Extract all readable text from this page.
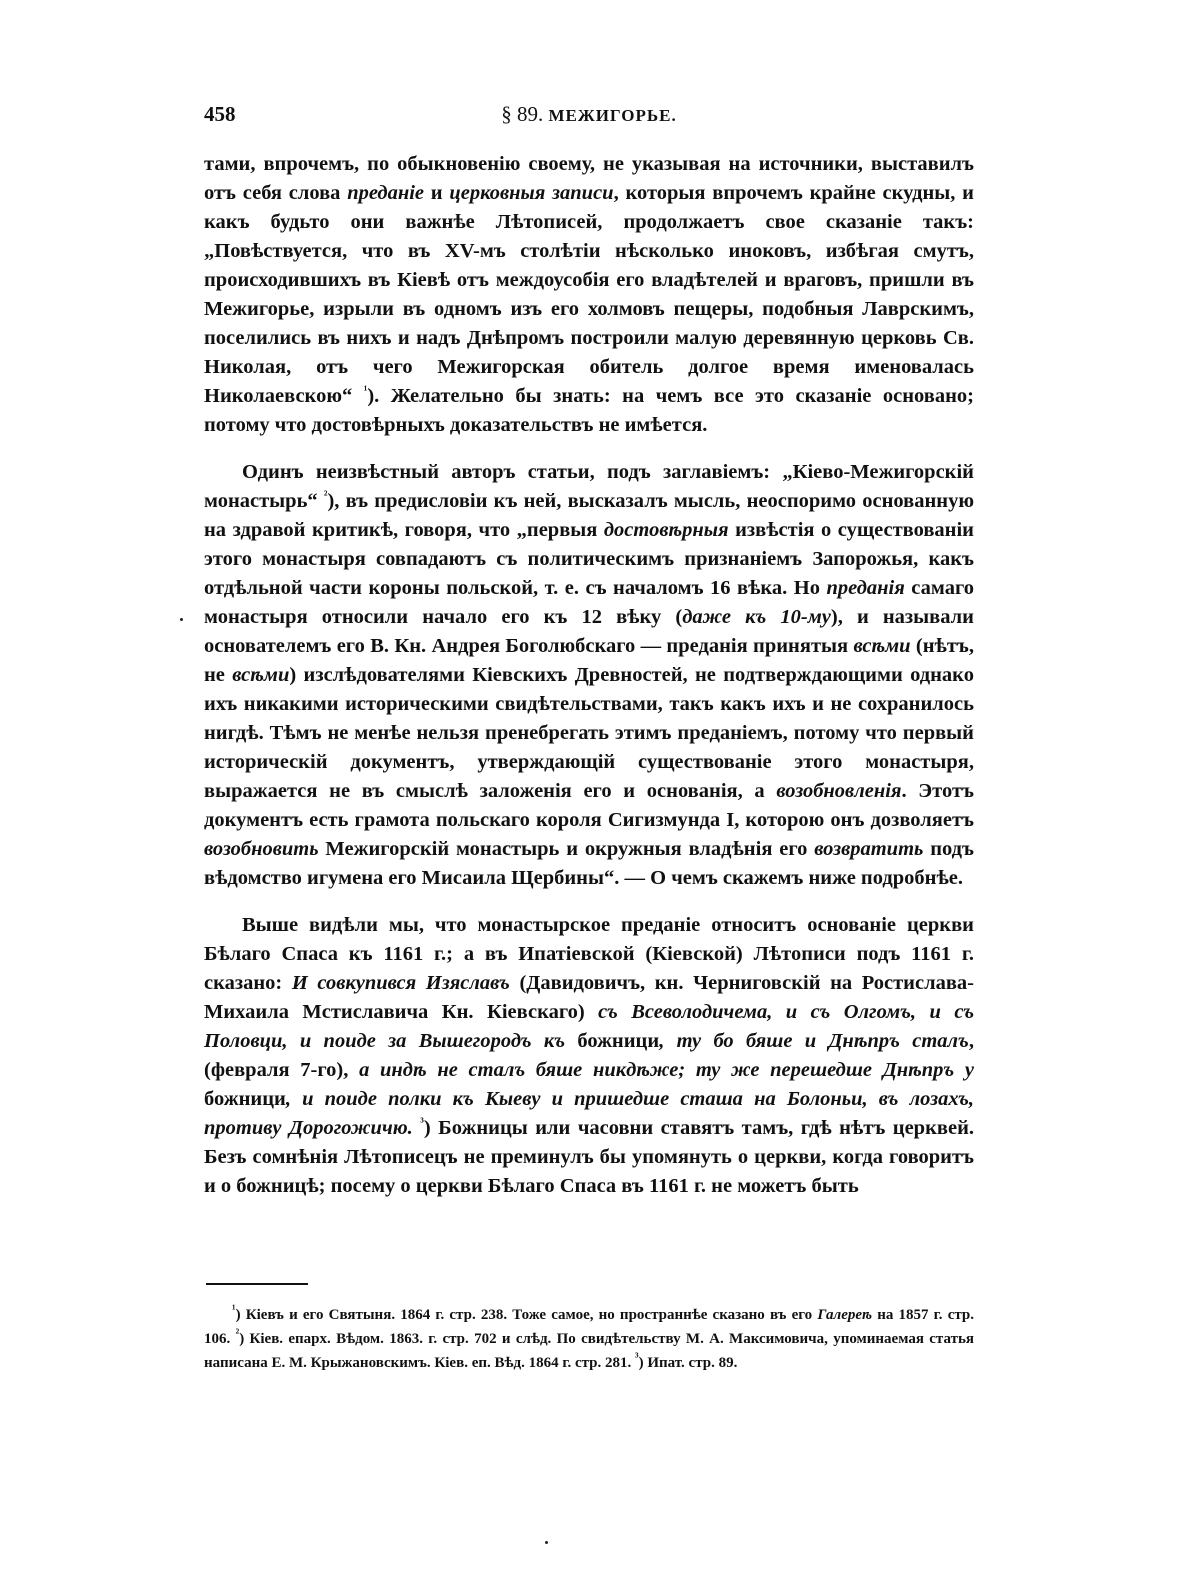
458	§ 89. МЕЖИГОРЬЕ.

тами, впрочемъ, по обыкновенію своему, не указывая на источники, выставилъ отъ себя слова преданіе и церковныя записи, которыя впрочемъ крайне скудны, и какъ будьто они важнѣе Лѣтописей, продолжаетъ свое сказаніе такъ: „Повѣствуется, что въ XV-мъ столѣтіи нѣсколько иноковъ, избѣгая смутъ, происходившихъ въ Кіевѣ отъ междоусобія его владѣтелей и враговъ, пришли въ Межигорье, изрыли въ одномъ изъ его холмовъ пещеры, подобныя Лаврскимъ, поселились въ нихъ и надъ Днѣпромъ построили малую деревянную церковь Св. Николая, отъ чего Межигорская обитель долгое время именовалась Николаевскою“ $^{^1}$). Желательно бы знать: на чемъ все это сказаніе основано; потому что достовѣрныхъ доказательствъ не имѣется.

Одинъ неизвѣстный авторъ статьи, подъ заглавіемъ: „Кіево-Межигорскій монастырь“ $^{^2}$), въ предисловіи къ ней, высказалъ мысль, неоспоримо основанную на здравой критикѣ, говоря, что „первыя достовѣрныя извѣстія о существованіи этого монастыря совпадаютъ съ политическимъ признаніемъ Запорожья, какъ отдѣльной части короны польской, т. е. съ началомъ 16 вѣка. Но преданія самаго монастыря относили начало его къ 12 вѣку (даже къ 10-му), и называли основателемъ его В. Кн. Андрея Боголюбскаго — преданія принятыя всѣми (нѣтъ, не всѣми) изслѣдователями Кіевскихъ Древностей, не подтверждающими однако ихъ никакими историческими свидѣтельствами, такъ какъ ихъ и не сохранилось нигдѣ. Тѣмъ не менѣе нельзя пренебрегать этимъ преданіемъ, потому что первый историческій документъ, утверждающій существованіе этого монастыря, выражается не въ смыслѣ заложенія его и основанія, а возобновленія. Этотъ документъ есть грамота польскаго короля Сигизмунда I, которою онъ дозволяетъ возобновить Межигорскій монастырь и окружныя владѣнія его возвратить подъ вѣдомство игумена его Мисаила Щербины“. — О чемъ скажемъ ниже подробнѣе.

Выше видѣли мы, что монастырское преданіе относитъ основаніе церкви Бѣлаго Спаса къ 1161 г.; а въ Ипатіевской (Кіевской) Лѣтописи подъ 1161 г. сказано: И совкупився Изяславъ (Давидовичъ, кн. Черниговскій на Ростислава-Михаила Мстиславича Кн. Кіевскаго) съ Всеволодичема, и съ Олгомъ, и съ Половци, и поиде за Вышегородъ къ божници, ту бо бяше и Днѣпръ сталъ, (февраля 7-го), а индѣ не сталъ бяше никдѣже; ту же перешедше Днѣпръ у божници, и поиде полки къ Кыеву и пришедше сташа на Болоньи, въ лозахъ, противу Дорогожичю. $^{^3}$) Божницы или часовни ставятъ тамъ, гдѣ нѣтъ церквей. Безъ сомнѣнія Лѣтописецъ не преминулъ бы упомянуть о церкви, когда говоритъ и о божницѣ; посему о церкви Бѣлаго Спаса въ 1161 г. не можетъ быть

$^{^1}$) Кіевъ и его Святыня. 1864 г. стр. 238. Тоже самое, но пространнѣе сказано въ его Галереѣ на 1857 г. стр. 106. $^{^2}$) Кіев. епарх. Вѣдом. 1863. г. стр. 702 и слѣд. По свидѣтельству М. А. Максимовича, упоминаемая статья написана Е. М. Крыжановскимъ. Кіев. еп. Вѣд. 1864 г. стр. 281. $^{^3}$) Ипат. стр. 89.
